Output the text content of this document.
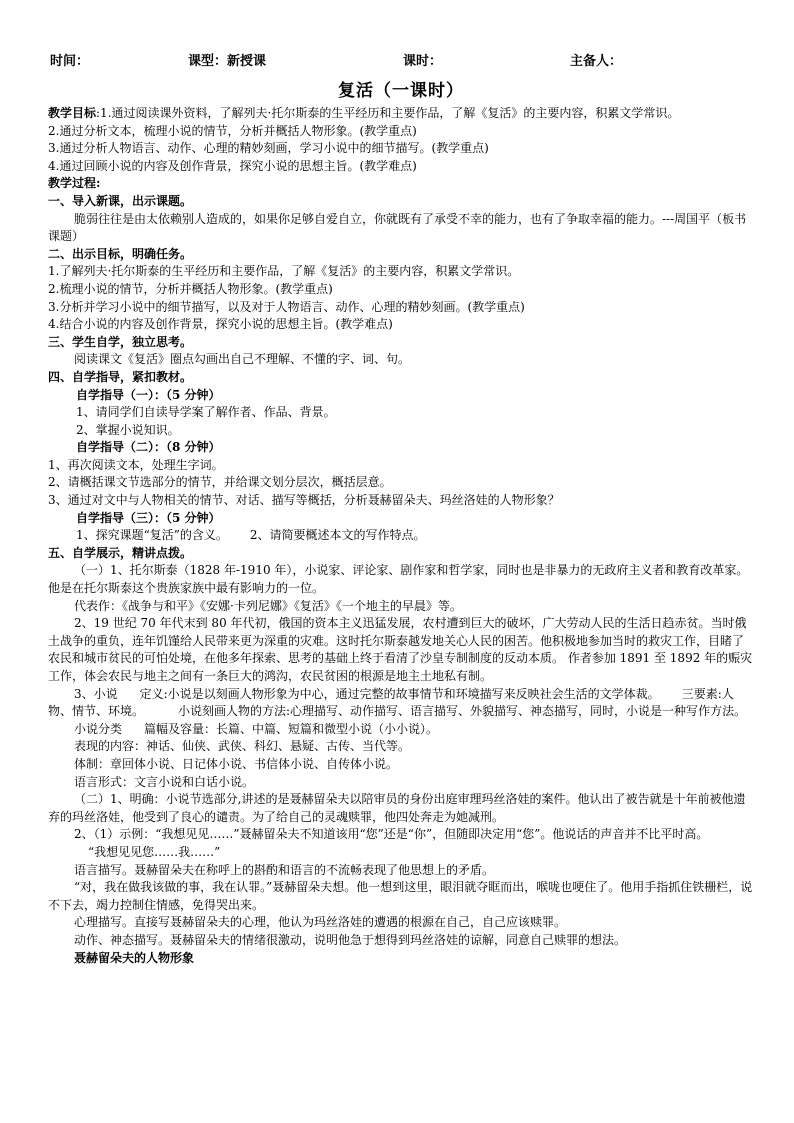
时间：	课型：新授课	课时：	主备人：
复活（一课时）

教学目标:1.通过阅读课外资料，了解列夫·托尔斯泰的生平经历和主要作品，了解《复活》的主要内容，积累文学常识。

2.通过分析文本，梳理小说的情节，分析并概括人物形象。(教学重点)

3.通过分析人物语言、动作、心理的精妙刻画，学习小说中的细节描写。(教学重点)

4.通过回顾小说的内容及创作背景，探究小说的思想主旨。(教学难点)

教学过程:

一、导入新课，出示课题。

脆弱往往是由太依赖别人造成的，如果你足够自爱自立，你就既有了承受不幸的能力，也有了争取幸福的能力。---周国平（板书课题）

二、出示目标，明确任务。

1.了解列夫·托尔斯泰的生平经历和主要作品，了解《复活》的主要内容，积累文学常识。

2.梳理小说的情节，分析并概括人物形象。(教学重点)

3.分析并学习小说中的细节描写，以及对于人物语言、动作、心理的精妙刻画。(教学重点)

4.结合小说的内容及创作背景，探究小说的思想主旨。(教学难点)

三、学生自学，独立思考。

阅读课文《复活》圈点勾画出自己不理解、不懂的字、词、句。

四、自学指导，紧扣教材。

自学指导（一）：（5 分钟）

1、请同学们自读导学案了解作者、作品、背景。

2、掌握小说知识。

自学指导（二）：（8 分钟）

1、再次阅读文本，处理生字词。

2、请概括课文节选部分的情节，并给课文划分层次，概括层意。

3、通过对文中与人物相关的情节、对话、描写等概括，分析聂赫留朵夫、玛丝洛娃的人物形象？

自学指导（三）：（5 分钟）

1、探究课题“复活”的含义。 2、请简要概述本文的写作特点。

五、自学展示，精讲点拨。

（一）1、托尔斯泰（1828 年-1910 年），小说家、评论家、剧作家和哲学家，同时也是非暴力的无政府主义者和教育改革家。他是在托尔斯泰这个贵族家族中最有影响力的一位。

代表作：《战争与和平》《安娜·卡列尼娜》《复活》《一个地主的早晨》等。

2、19 世纪 70 年代末到 80 年代初，俄国的资本主义迅猛发展，农村遭到巨大的破坏，广大劳动人民的生活日趋赤贫。当时俄土战争的重负，连年饥馑给人民带来更为深重的灾难。这时托尔斯泰越发地关心人民的困苦。他积极地参加当时的救灾工作，目睹了农民和城市贫民的可怕处境，在他多年探索、思考的基础上终于看清了沙皇专制制度的反动本质。 作者参加 1891 至 1892 年的赈灾工作，体会农民与地主之间有一条巨大的鸿沟，农民贫困的根源是地主土地私有制。

3、小说 定义:小说是以刻画人物形象为中心，通过完整的故事情节和环境描写来反映社会生活的文学体裁。 三要素:人物、情节、环境。	小说刻画人物的方法:心理描写、动作描写、语言描写、外貌描写、神态描写，同时，小说是一种写作方法。

小说分类 篇幅及容量：长篇、中篇、短篇和微型小说（小小说）。

表现的内容：神话、仙侠、武侠、科幻、悬疑、古传、当代等。

体制：章回体小说、日记体小说、书信体小说、自传体小说。

语言形式：文言小说和白话小说。

（二）1、明确：小说节选部分,讲述的是聂赫留朵夫以陪审员的身份出庭审理玛丝洛娃的案件。他认出了被告就是十年前被他遗弃的玛丝洛娃，他受到了良心的谴责。为了给自己的灵魂赎罪，他四处奔走为她减刑。

2、（1）示例：“我想见见……”聂赫留朵夫不知道该用“您”还是“你”，但随即决定用“您”。他说话的声音并不比平时高。

“我想见见您……我……”

语言描写。聂赫留朵夫在称呼上的斟酌和语言的不流畅表现了他思想上的矛盾。

“对，我在做我该做的事，我在认罪。”聂赫留朵夫想。他一想到这里，眼泪就夺眶而出，喉咙也哽住了。他用手指抓住铁栅栏，说不下去，竭力控制住情感，免得哭出来。

心理描写。直接写聂赫留朵夫的心理，他认为玛丝洛娃的遭遇的根源在自己，自己应该赎罪。

动作、神态描写。聂赫留朵夫的情绪很激动，说明他急于想得到玛丝洛娃的谅解，同意自己赎罪的想法。

聂赫留朵夫的人物形象
